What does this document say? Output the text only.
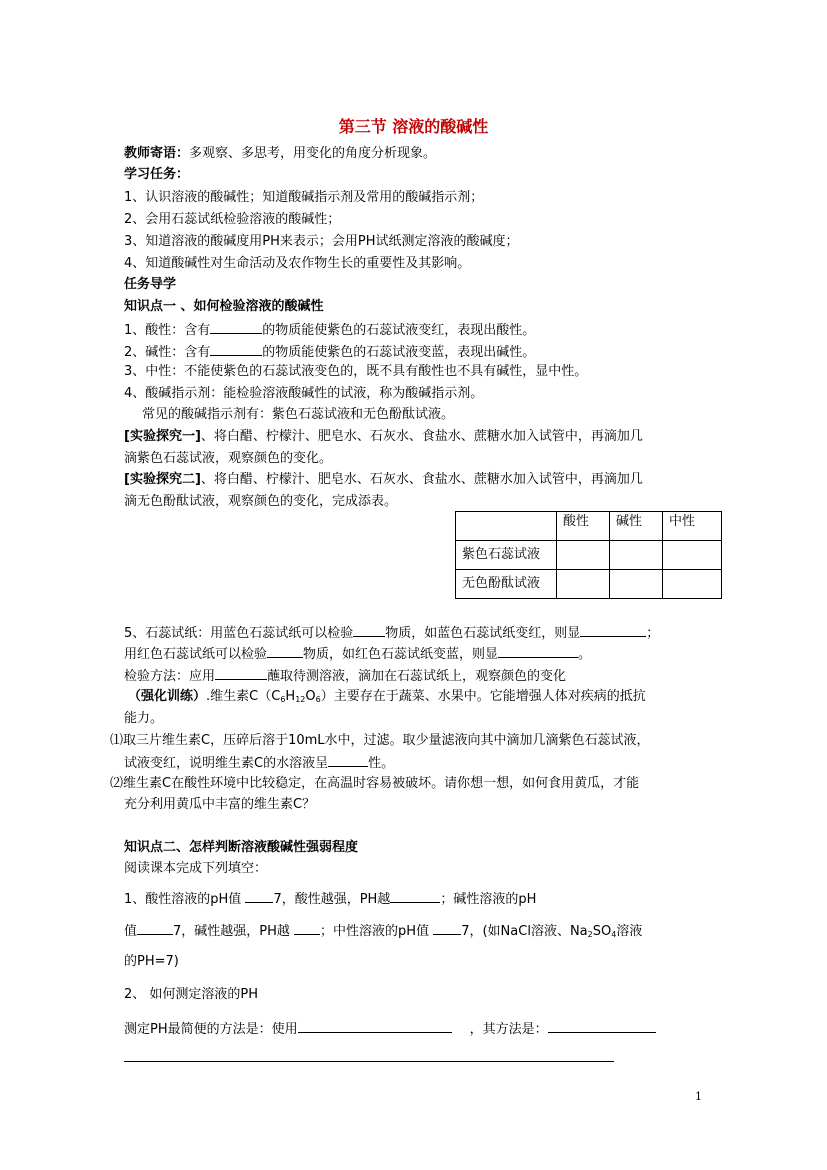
第三节 溶液的酸碱性
教师寄语：多观察、多思考，用变化的角度分析现象。
学习任务：
1、认识溶液的酸碱性；知道酸碱指示剂及常用的酸碱指示剂；
2、会用石蕊试纸检验溶液的酸碱性；
3、知道溶液的酸碱度用PH来表示；会用PH试纸测定溶液的酸碱度；
4、知道酸碱性对生命活动及农作物生长的重要性及其影响。
任务导学
知识点一 、如何检验溶液的酸碱性
1、酸性：含有	的物质能使紫色的石蕊试液变红，表现出酸性。
2、碱性：含有	的物质能使紫色的石蕊试液变蓝，表现出碱性。
3、中性：不能使紫色的石蕊试液变色的，既不具有酸性也不具有碱性，显中性。
4、酸碱指示剂：能检验溶液酸碱性的试液，称为酸碱指示剂。
常见的酸碱指示剂有：紫色石蕊试液和无色酚酞试液。
[实验探究一]、将白醋、柠檬汁、肥皂水、石灰水、食盐水、蔗糖水加入试管中，再滴加几
滴紫色石蕊试液，观察颜色的变化。
[实验探究二]、将白醋、柠檬汁、肥皂水、石灰水、食盐水、蔗糖水加入试管中，再滴加几
滴无色酚酞试液，观察颜色的变化，完成添表。
	酸性	碱性	中性
紫色石蕊试液			
无色酚酞试液			
5、石蕊试纸：用蓝色石蕊试纸可以检验 物质，如蓝色石蕊试纸变红，则显	；
用红色石蕊试纸可以检验	物质，如红色石蕊试纸变蓝，则显	。
检验方法：应用	蘸取待测溶液，滴加在石蕊试纸上，观察颜色的变化
（强化训练）.维生素$C(C_6H_{12}O_6)$主要存在于蔬菜、水果中。它能增强人体对疾病的抵抗
能力。
⑴取三片维生素C，压碎后溶于10mL水中，过滤。取少量滤液向其中滴加几滴紫色石蕊试液，
试液变红，说明维生素C的水溶液呈	性。
⑵维生素C在酸性环境中比较稳定，在高温时容易被破坏。请你想一想，如何食用黄瓜，才能
充分利用黄瓜中丰富的维生素C？
知识点二、怎样判断溶液酸碱性强弱程度
阅读课本完成下列填空：
1、酸性溶液的pH值 7，酸性越强，PH越	；碱性溶液的pH
值	7，碱性越强，PH越 ；中性溶液的pH值 7，(如NaCl溶液、$Na_2SO_4$溶液
的PH=7)
2、 如何测定溶液的PH
测定PH最简便的方法是：使用	，其方法是：
1
